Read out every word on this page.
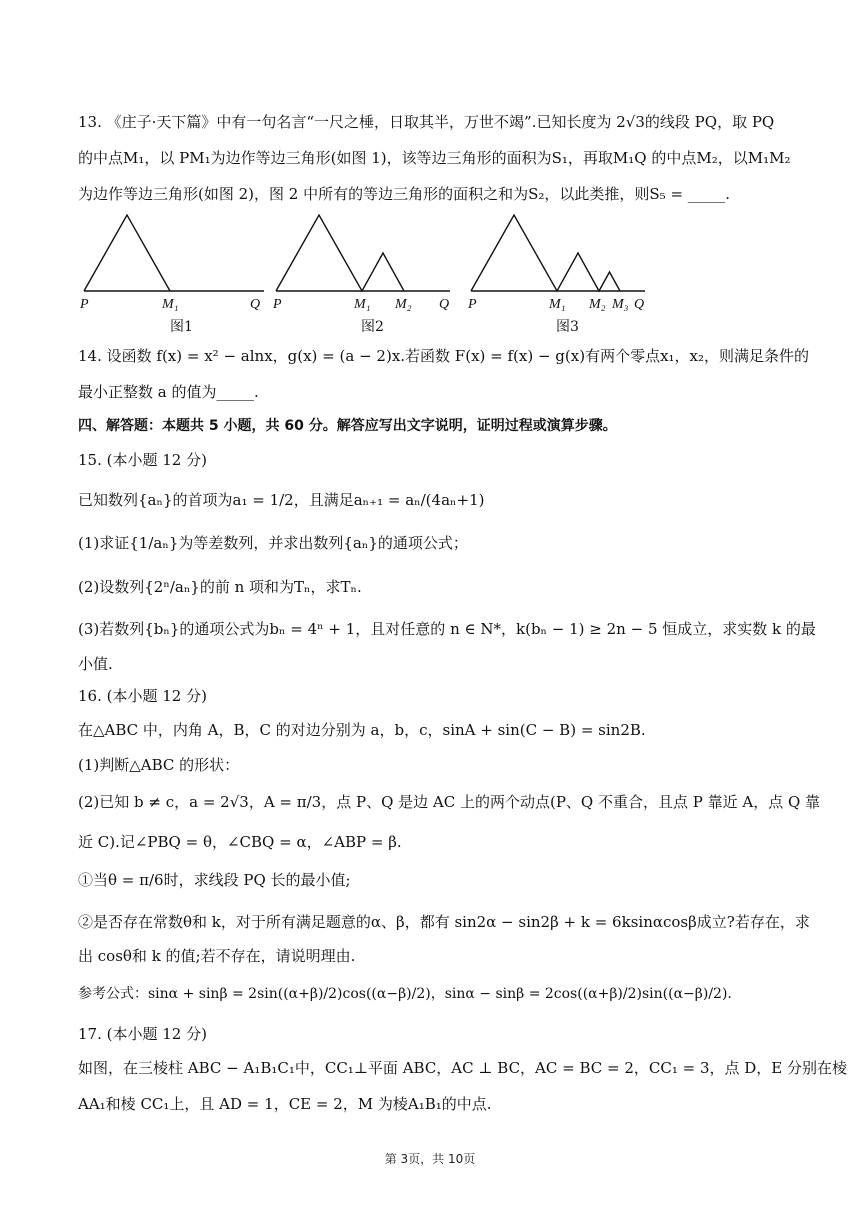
13. 《庄子·天下篇》中有一句名言“一尺之棰，日取其半，万世不竭”.已知长度为 2√3的线段 PQ，取 PQ
的中点M₁，以 PM₁为边作等边三角形(如图 1)，该等边三角形的面积为S₁，再取M₁Q 的中点M₂，以M₁M₂
为边作等边三角形(如图 2)，图 2 中所有的等边三角形的面积之和为S₂，以此类推，则S₅ = _____.
P	M₁	Q
图1
P	M₁ M₂ Q
图2
P	M₁ M₂ M₃ Q
图3
14. 设函数 f(x) = x² − alnx，g(x) = (a − 2)x.若函数 F(x) = f(x) − g(x)有两个零点x₁，x₂，则满足条件的
最小正整数 a 的值为_____.
四、解答题：本题共 5 小题，共 60 分。解答应写出文字说明，证明过程或演算步骤。
15. (本小题 12 分)
已知数列{aₙ}的首项为a₁ = 1/2，且满足aₙ₊₁ = aₙ/(4aₙ+1)
(1)求证{1/aₙ}为等差数列，并求出数列{aₙ}的通项公式；
(2)设数列{2ⁿ/aₙ}的前 n 项和为Tₙ，求Tₙ.
(3)若数列{bₙ}的通项公式为bₙ = 4ⁿ + 1，且对任意的 n ∈ N*，k(bₙ − 1) ≥ 2n − 5 恒成立，求实数 k 的最
小值.
16. (本小题 12 分)
在△ABC 中，内角 A，B，C 的对边分别为 a，b，c，sinA + sin(C − B) = sin2B.
(1)判断△ABC 的形状：
(2)已知 b ≠ c，a = 2√3，A = π/3，点 P、Q 是边 AC 上的两个动点(P、Q 不重合，且点 P 靠近 A，点 Q 靠
近 C).记∠PBQ = θ，∠CBQ = α，∠ABP = β.
①当θ = π/6时，求线段 PQ 长的最小值;
②是否存在常数θ和 k，对于所有满足题意的α、β，都有 sin2α − sin2β + k = 6ksinαcosβ成立?若存在，求
出 cosθ和 k 的值;若不存在，请说明理由.
参考公式：sinα + sinβ = 2sin((α+β)/2)cos((α−β)/2)，sinα − sinβ = 2cos((α+β)/2)sin((α−β)/2).
17. (本小题 12 分)
如图，在三棱柱 ABC − A₁B₁C₁中，CC₁⊥平面 ABC，AC ⊥ BC，AC = BC = 2，CC₁ = 3，点 D，E 分别在棱
AA₁和棱 CC₁上，且 AD = 1，CE = 2，M 为棱A₁B₁的中点.
第 3页，共 10页
